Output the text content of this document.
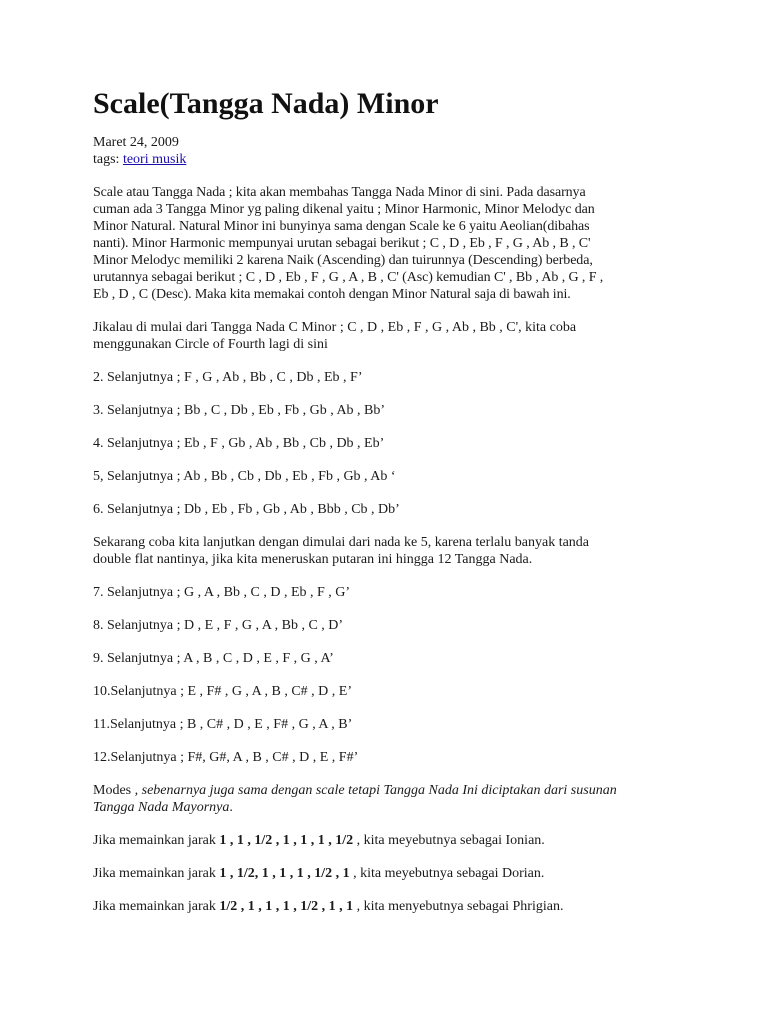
Scale(Tangga Nada) Minor
Maret 24, 2009
tags: teori musik

Scale atau Tangga Nada ; kita akan membahas Tangga Nada Minor di sini. Pada dasarnya
cuman ada 3 Tangga Minor yg paling dikenal yaitu ; Minor Harmonic, Minor Melodyc dan
Minor Natural. Natural Minor ini bunyinya sama dengan Scale ke 6 yaitu Aeolian(dibahas
nanti). Minor Harmonic mempunyai urutan sebagai berikut ; C , D , Eb , F , G , Ab , B , C'
Minor Melodyc memiliki 2 karena Naik (Ascending) dan tuirunnya (Descending) berbeda,
urutannya sebagai berikut ; C , D , Eb , F , G , A , B , C' (Asc) kemudian C' , Bb , Ab , G , F ,
Eb , D , C (Desc). Maka kita memakai contoh dengan Minor Natural saja di bawah ini.

Jikalau di mulai dari Tangga Nada C Minor ; C , D , Eb , F , G , Ab , Bb , C', kita coba
menggunakan Circle of Fourth lagi di sini

2. Selanjutnya ; F , G , Ab , Bb , C , Db , Eb , F’

3. Selanjutnya ; Bb , C , Db , Eb , Fb , Gb , Ab , Bb’

4. Selanjutnya ; Eb , F , Gb , Ab , Bb , Cb , Db , Eb’

5, Selanjutnya ; Ab , Bb , Cb , Db , Eb , Fb , Gb , Ab ‘

6. Selanjutnya ; Db , Eb , Fb , Gb , Ab , Bbb , Cb , Db’

Sekarang coba kita lanjutkan dengan dimulai dari nada ke 5, karena terlalu banyak tanda
double flat nantinya, jika kita meneruskan putaran ini hingga 12 Tangga Nada.

7. Selanjutnya ; G , A , Bb , C , D , Eb , F , G’

8. Selanjutnya ; D , E , F , G , A , Bb , C , D’

9. Selanjutnya ; A , B , C , D , E , F , G , A’

10.Selanjutnya ; E , F# , G , A , B , C# , D , E’

11.Selanjutnya ; B , C# , D , E , F# , G , A , B’

12.Selanjutnya ; F#, G#, A , B , C# , D , E , F#’

Modes , sebenarnya juga sama dengan scale tetapi Tangga Nada Ini diciptakan dari susunan
Tangga Nada Mayornya.

Jika memainkan jarak 1 , 1 , 1/2 , 1 , 1 , 1 , 1/2 , kita meyebutnya sebagai Ionian.

Jika memainkan jarak 1 , 1/2, 1 , 1 , 1 , 1/2 , 1 , kita meyebutnya sebagai Dorian.

Jika memainkan jarak 1/2 , 1 , 1 , 1 , 1/2 , 1 , 1 , kita menyebutnya sebagai Phrigian.
